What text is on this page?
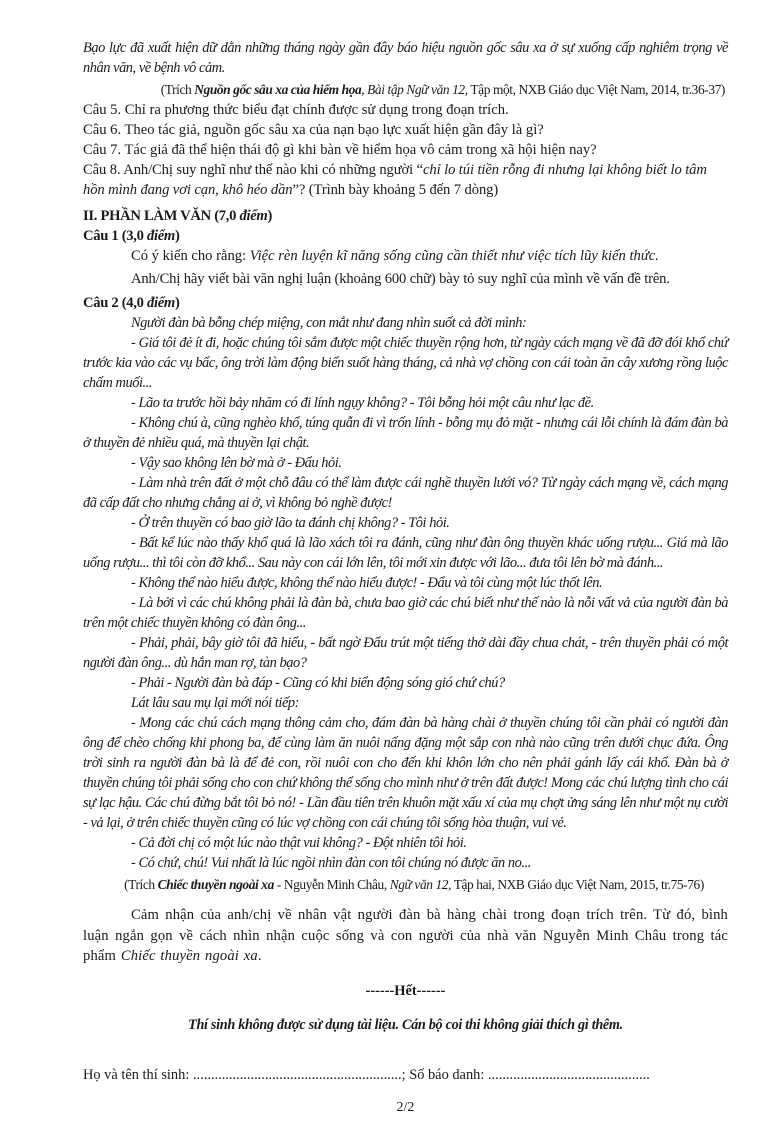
Bạo lực đã xuất hiện dữ dằn những tháng ngày gần đây báo hiệu nguồn gốc sâu xa ở sự xuống cấp nghiêm trọng về nhân văn, về bệnh vô cảm.

(Trích Nguồn gốc sâu xa của hiểm họa, Bài tập Ngữ văn 12, Tập một, NXB Giáo dục Việt Nam, 2014, tr.36-37)

Câu 5. Chỉ ra phương thức biểu đạt chính được sử dụng trong đoạn trích.

Câu 6. Theo tác giả, nguồn gốc sâu xa của nạn bạo lực xuất hiện gần đây là gì?

Câu 7. Tác giả đã thể hiện thái độ gì khi bàn về hiểm họa vô cảm trong xã hội hiện nay?

Câu 8. Anh/Chị suy nghĩ như thế nào khi có những người “chỉ lo túi tiền rỗng đi nhưng lại không biết lo tâm hồn mình đang vơi cạn, khô héo dần”? (Trình bày khoảng 5 đến 7 dòng)

II. PHẦN LÀM VĂN (7,0 điểm)

Câu 1 (3,0 điểm)

Có ý kiến cho rằng: Việc rèn luyện kĩ năng sống cũng cần thiết như việc tích lũy kiến thức.

Anh/Chị hãy viết bài văn nghị luận (khoảng 600 chữ) bày tỏ suy nghĩ của mình về vấn đề trên.

Câu 2 (4,0 điểm)

Người đàn bà bỗng chép miệng, con mắt như đang nhìn suốt cả đời mình:

- Giá tôi đẻ ít đi, hoặc chúng tôi sắm được một chiếc thuyền rộng hơn, từ ngày cách mạng về đã đỡ đói khổ chứ trước kia vào các vụ bấc, ông trời làm động biển suốt hàng tháng, cả nhà vợ chồng con cái toàn ăn cây xương rồng luộc chấm muối...

- Lão ta trước hồi bảy nhăm có đi lính ngụy không? - Tôi bỗng hỏi một câu như lạc đề.

- Không chú à, cũng nghèo khổ, túng quẫn đi vì trốn lính - bỗng mụ đỏ mặt - nhưng cái lỗi chính là đám đàn bà ở thuyền đẻ nhiều quá, mà thuyền lại chật.

- Vậy sao không lên bờ mà ở - Đẩu hỏi.

- Làm nhà trên đất ở một chỗ đâu có thể làm được cái nghề thuyền lưới vó? Từ ngày cách mạng về, cách mạng đã cấp đất cho nhưng chẳng ai ở, vì không bỏ nghề được!

- Ở trên thuyền có bao giờ lão ta đánh chị không? - Tôi hỏi.

- Bất kể lúc nào thấy khổ quá là lão xách tôi ra đánh, cũng như đàn ông thuyền khác uống rượu... Giá mà lão uống rượu... thì tôi còn đỡ khổ... Sau này con cái lớn lên, tôi mới xin được với lão... đưa tôi lên bờ mà đánh...

- Không thể nào hiểu được, không thể nào hiểu được! - Đẩu và tôi cùng một lúc thốt lên.

- Là bởi vì các chú không phải là đàn bà, chưa bao giờ các chú biết như thế nào là nỗi vất vả của người đàn bà trên một chiếc thuyền không có đàn ông...

- Phải, phải, bây giờ tôi đã hiểu, - bất ngờ Đẩu trút một tiếng thở dài đầy chua chát, - trên thuyền phải có một người đàn ông... dù hắn man rợ, tàn bạo?

- Phải - Người đàn bà đáp - Cũng có khi biển động sóng gió chứ chú?

Lát lâu sau mụ lại mới nói tiếp:

- Mong các chú cách mạng thông cảm cho, đám đàn bà hàng chài ở thuyền chúng tôi cần phải có người đàn ông để chèo chống khi phong ba, để cùng làm ăn nuôi nấng đặng một sắp con nhà nào cũng trên dưới chục đứa. Ông trời sinh ra người đàn bà là để đẻ con, rồi nuôi con cho đến khi khôn lớn cho nên phải gánh lấy cái khổ. Đàn bà ở thuyền chúng tôi phải sống cho con chứ không thể sống cho mình như ở trên đất được! Mong các chú lượng tình cho cái sự lạc hậu. Các chú đừng bắt tôi bỏ nó! - Lần đầu tiên trên khuôn mặt xấu xí của mụ chợt ửng sáng lên như một nụ cười - vả lại, ở trên chiếc thuyền cũng có lúc vợ chồng con cái chúng tôi sống hòa thuận, vui vẻ.

- Cả đời chị có một lúc nào thật vui không? - Đột nhiên tôi hỏi.

- Có chứ, chú! Vui nhất là lúc ngồi nhìn đàn con tôi chúng nó được ăn no...

(Trích Chiếc thuyền ngoài xa - Nguyễn Minh Châu, Ngữ văn 12, Tập hai, NXB Giáo dục Việt Nam, 2015, tr.75-76)

Cảm nhận của anh/chị về nhân vật người đàn bà hàng chài trong đoạn trích trên. Từ đó, bình luận ngắn gọn về cách nhìn nhận cuộc sống và con người của nhà văn Nguyễn Minh Châu trong tác phẩm Chiếc thuyền ngoài xa.

------Hết------

Thí sinh không được sử dụng tài liệu. Cán bộ coi thi không giải thích gì thêm.

Họ và tên thí sinh: ..........................................................; Số báo danh: .............................................

2/2
